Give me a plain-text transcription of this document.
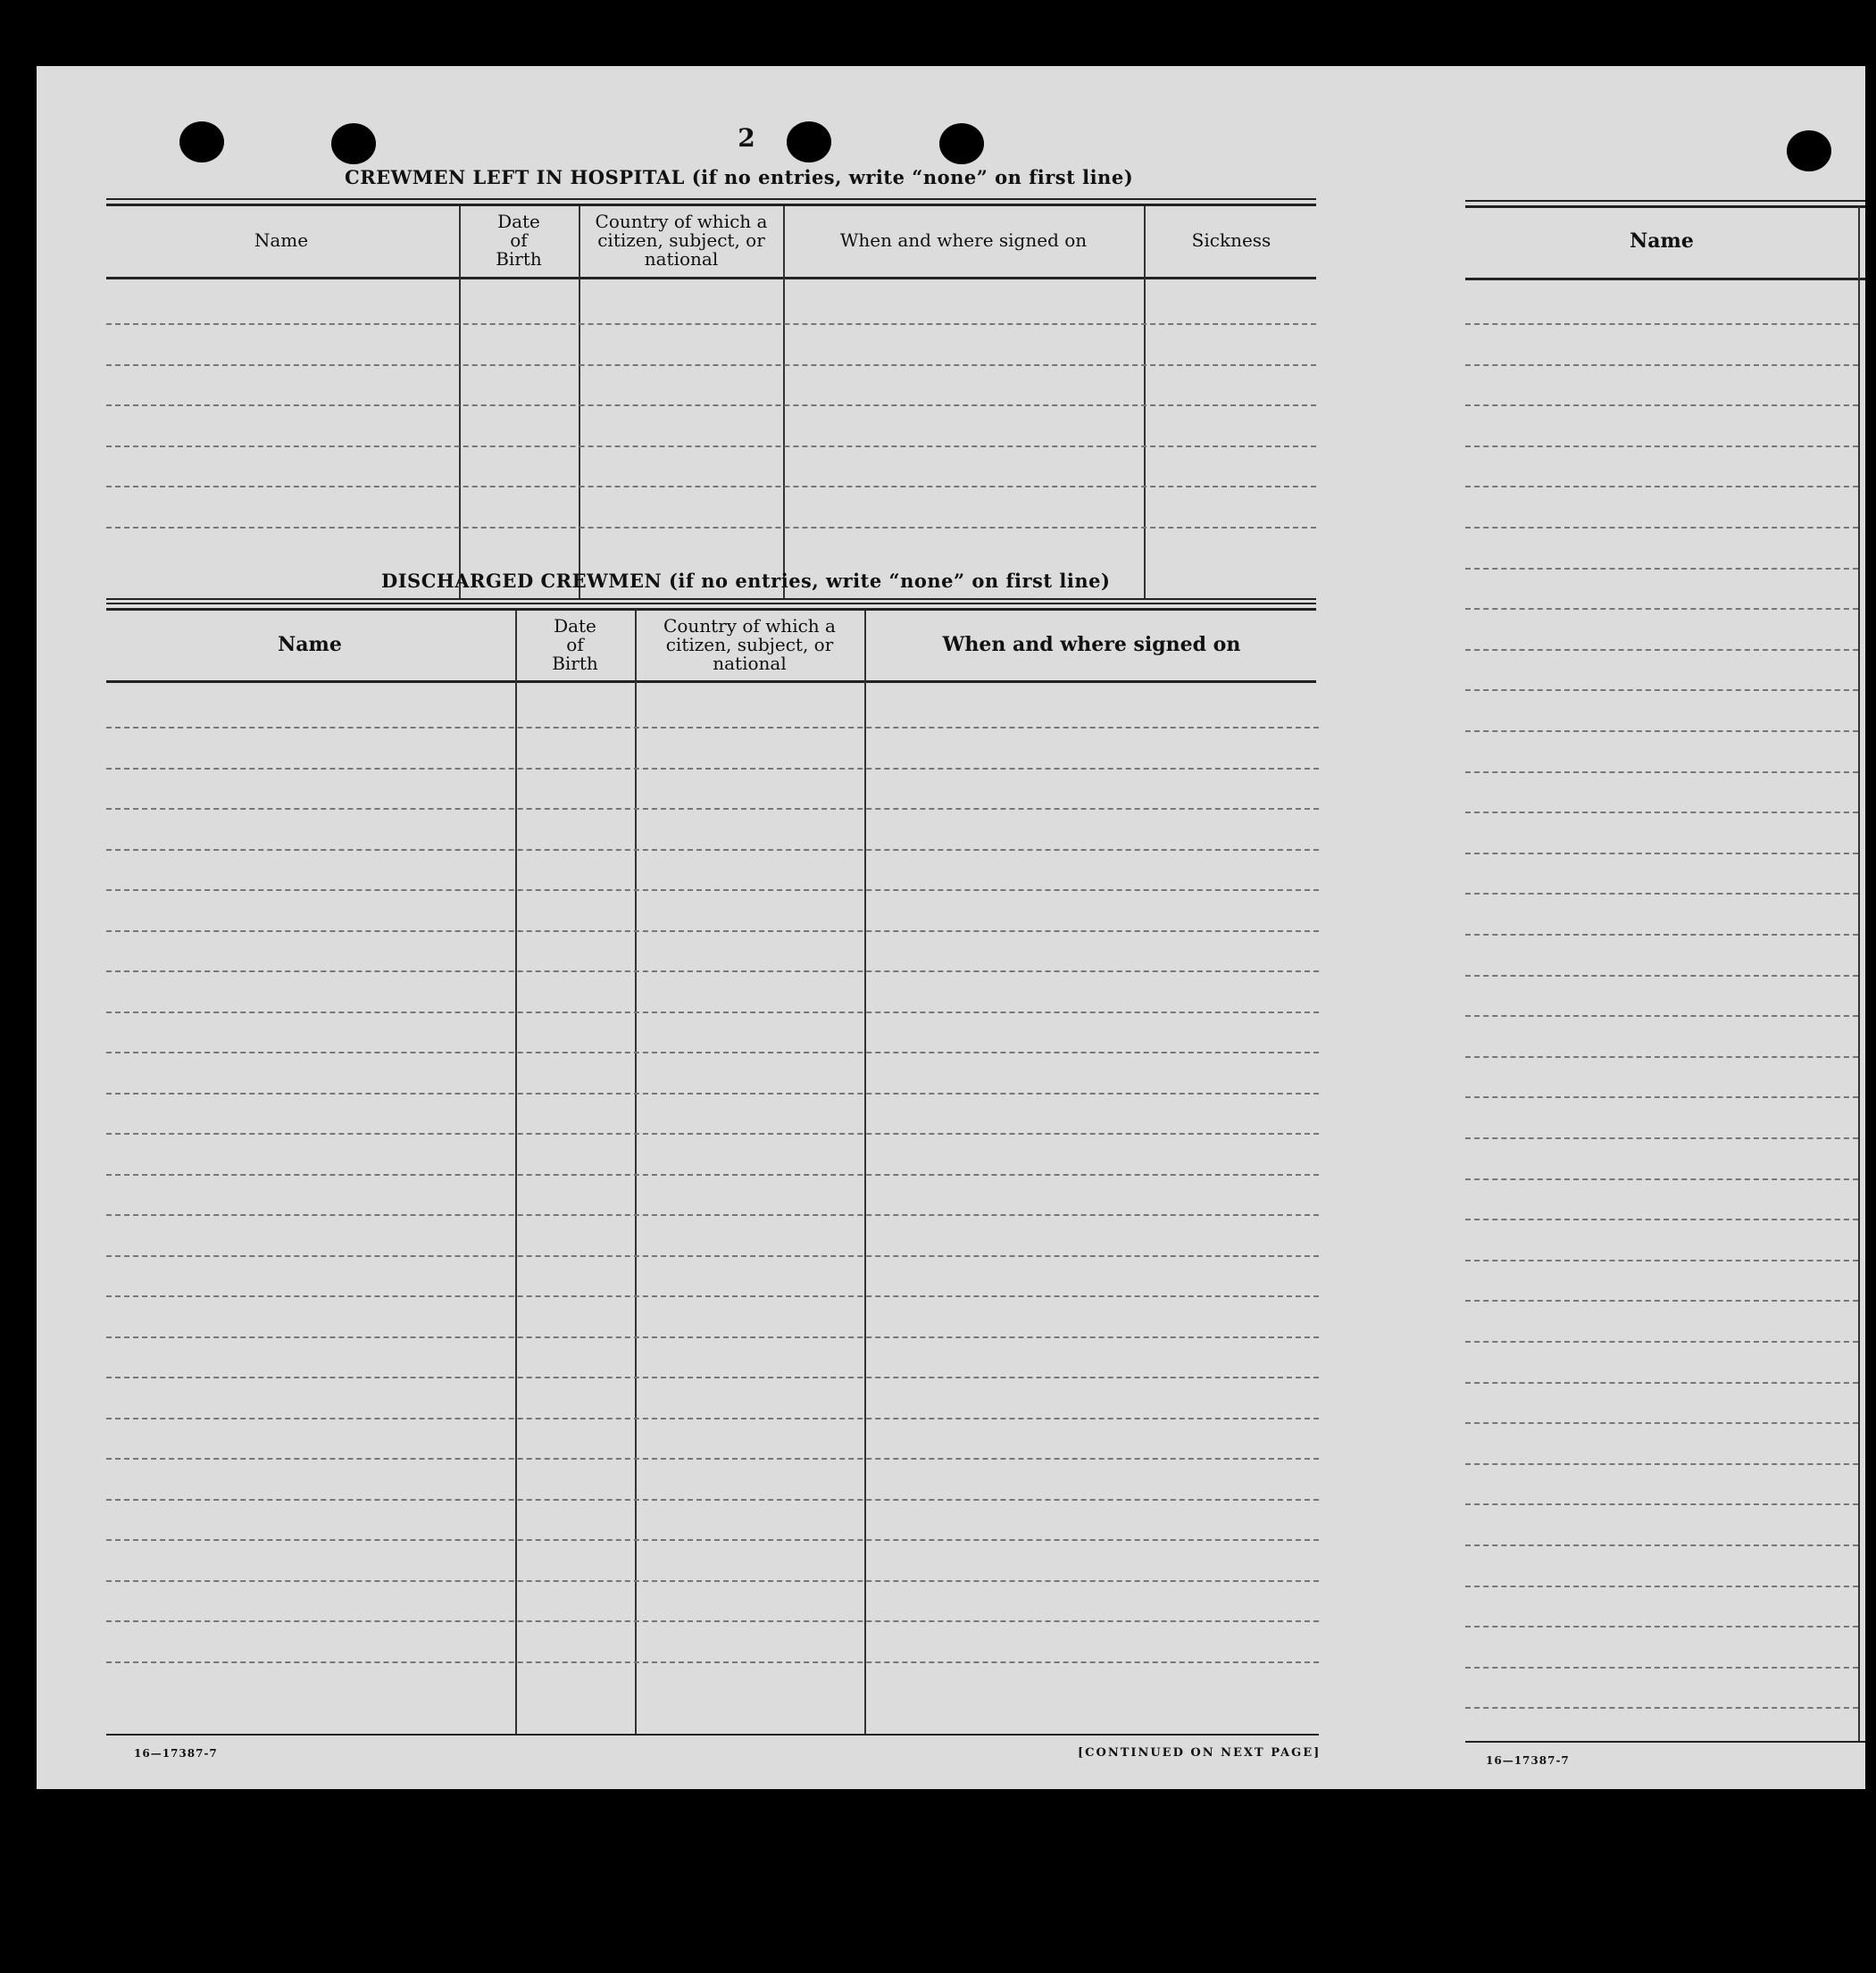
2
CREWMEN LEFT IN HOSPITAL (if no entries, write “none” on first line)
Name
Date
of
Birth
Country of which a
citizen, subject, or
national
When and where signed on	Sickness
DISCHARGED CREWMEN (if no entries, write “none” on first line)
Name
Date
of
Birth
Country of which a
citizen, subject, or
national
When and where signed on
16—17387-7	[CONTINUED ON NEXT PAGE]
Name
16—17387-7
